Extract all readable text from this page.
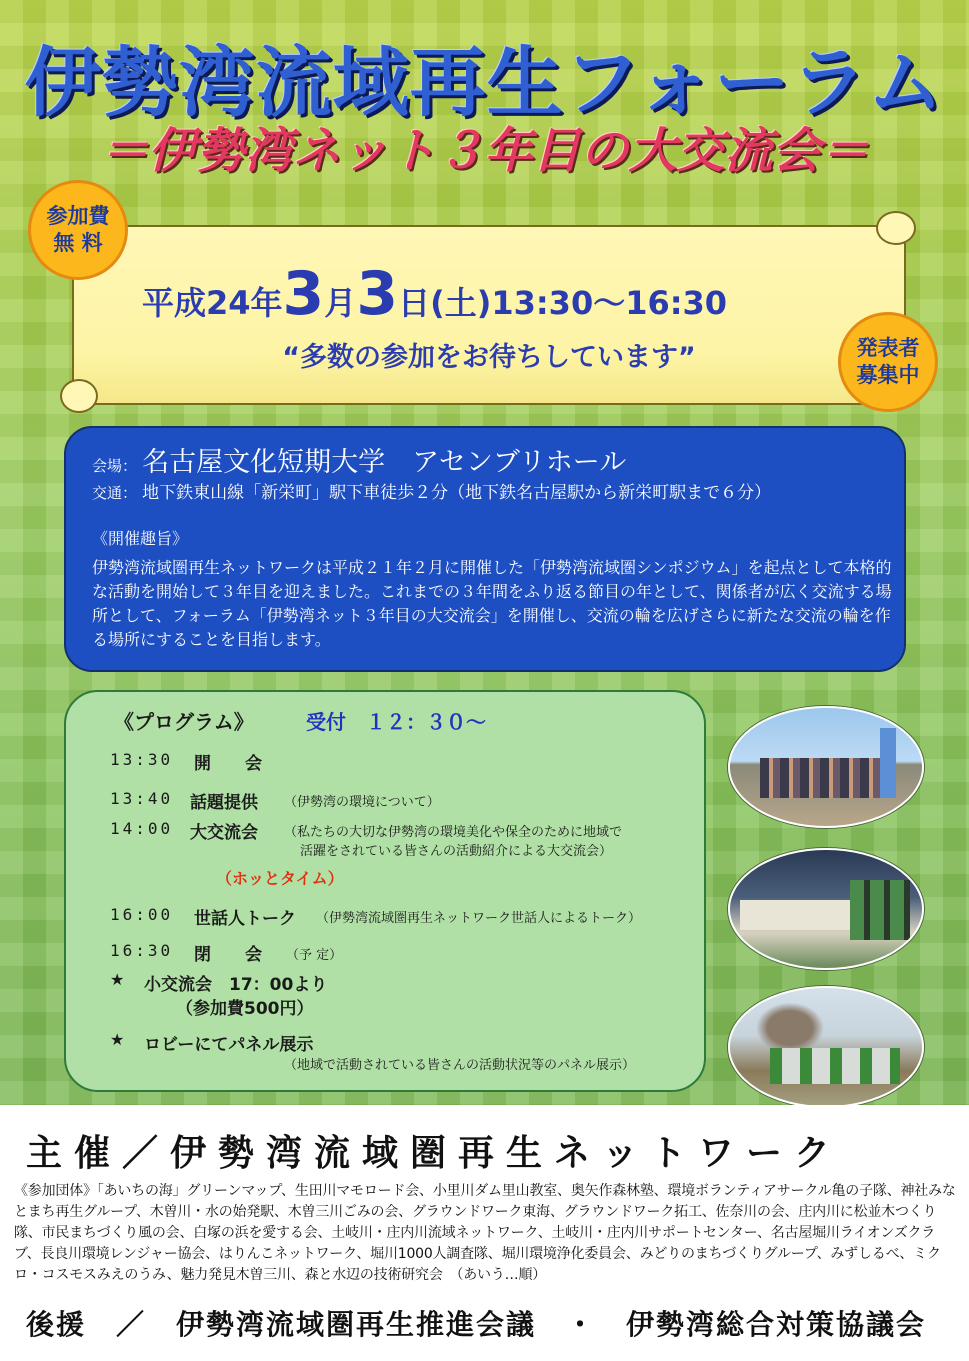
伊勢湾流域再生フォーラム
＝伊勢湾ネット３年目の大交流会＝
平成24年3月3日(土)13:30〜16:30
“多数の参加をお待ちしています”
参加費
無 料
発表者
募集中
会場： 名古屋文化短期大学　アセンブリホール
交通： 地下鉄東山線「新栄町」駅下車徒歩２分（地下鉄名古屋駅から新栄町駅まで６分）
《開催趣旨》
伊勢湾流域圏再生ネットワークは平成２１年２月に開催した「伊勢湾流域圏シンポジウム」を起点として本格的な活動を開始して３年目を迎えました。これまでの３年間をふり返る節目の年として、関係者が広く交流する場所として、フォーラム「伊勢湾ネット３年目の大交流会」を開催し、交流の輪を広げさらに新たな交流の輪を作る場所にすることを目指します。
《プログラム》	受付　１２：３０〜
13:30 開　　会
13:40 話題提供 （伊勢湾の環境について）
14:00 大交流会 （私たちの大切な伊勢湾の環境美化や保全のために地域で
活躍をされている皆さんの活動紹介による大交流会）
（ホッとタイム）
16:00 世話人トーク （伊勢湾流域圏再生ネットワーク世話人によるトーク）
16:30 閉　　会 （予 定）
★ 小交流会　17：00より
（参加費500円）
★ ロビーにてパネル展示
（地域で活動されている皆さんの活動状況等のパネル展示）
主催／伊勢湾流域圏再生ネットワーク
《参加団体》「あいちの海」グリーンマップ、生田川マモロード会、小里川ダム里山教室、奥矢作森林塾、環境ボランティアサークル亀の子隊、神社みなとまち再生グループ、木曽川・水の始発駅、木曽三川ごみの会、グラウンドワーク東海、グラウンドワーク拓工、佐奈川の会、庄内川に松並木つくり隊、市民まちづくり風の会、白塚の浜を愛する会、土岐川・庄内川流域ネットワーク、土岐川・庄内川サポートセンター、名古屋堀川ライオンズクラブ、長良川環境レンジャー協会、はりんこネットワーク、堀川1000人調査隊、堀川環境浄化委員会、みどりのまちづくりグループ、みずしるべ、ミクロ・コスモスみえのうみ、魅力発見木曽三川、森と水辺の技術研究会　（あいう…順）
後援　／　伊勢湾流域圏再生推進会議　・　伊勢湾総合対策協議会
